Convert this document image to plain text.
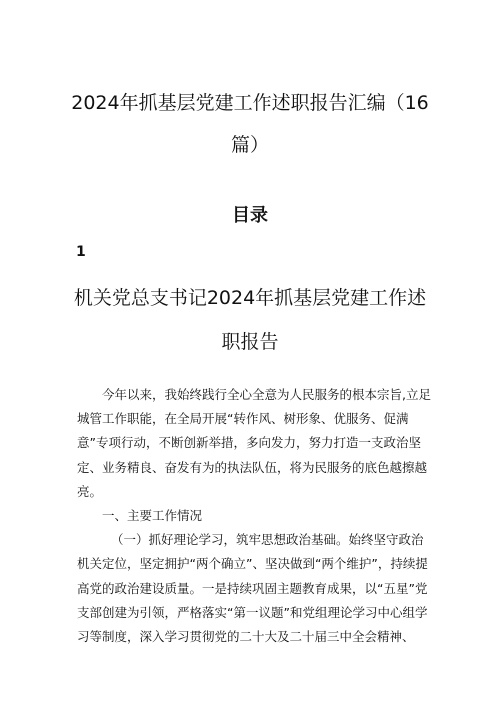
2024年抓基层党建工作述职报告汇编（16篇）
目录
1
机关党总支书记2024年抓基层党建工作述职报告

今年以来，我始终践行全心全意为人民服务的根本宗旨,立足城管工作职能，在全局开展“转作风、树形象、优服务、促满意”专项行动，不断创新举措，多向发力，努力打造一支政治坚定、业务精良、奋发有为的执法队伍，将为民服务的底色越擦越亮。

一、主要工作情况

（一）抓好理论学习，筑牢思想政治基础。始终坚守政治机关定位，坚定拥护“两个确立”、坚决做到“两个维护”，持续提高党的政治建设质量。一是持续巩固主题教育成果，以“五星”党支部创建为引领，严格落实“第一议题”和党组理论学习中心组学习等制度，深入学习贯彻党的二十大及二十届三中全会精神、
